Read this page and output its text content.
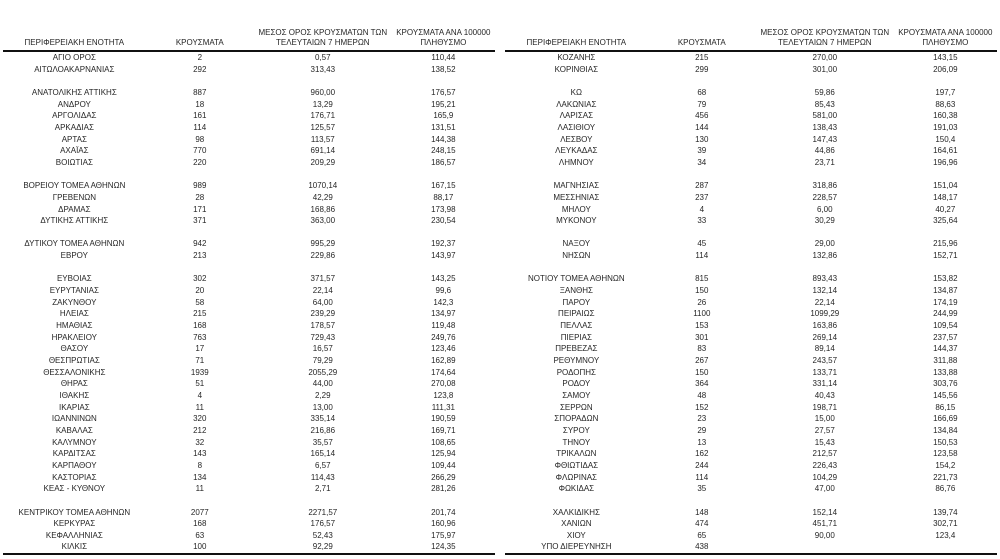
ΠΕΡΙΦΕΡΕΙΑΚΗ ΕΝΟΤΗΤΑ	ΚΡΟΥΣΜΑΤΑ	ΜΕΣΟΣ ΟΡΟΣ ΚΡΟΥΣΜΑΤΩΝ ΤΩΝ ΤΕΛΕΥΤΑΙΩΝ 7 ΗΜΕΡΩΝ	ΚΡΟΥΣΜΑΤΑ ΑΝΑ 100000 ΠΛΗΘΥΣΜΟ
ΑΓΙΟ ΟΡΟΣ	2	0,57	110,44
ΑΙΤΩΛΟΑΚΑΡΝΑΝΙΑΣ	292	313,43	138,52

ΑΝΑΤΟΛΙΚΗΣ ΑΤΤΙΚΗΣ	887	960,00	176,57
ΑΝΔΡΟΥ	18	13,29	195,21
ΑΡΓΟΛΙΔΑΣ	161	176,71	165,9
ΑΡΚΑΔΙΑΣ	114	125,57	131,51
ΑΡΤΑΣ	98	113,57	144,38
ΑΧΑΪΑΣ	770	691,14	248,15
ΒΟΙΩΤΙΑΣ	220	209,29	186,57

ΒΟΡΕΙΟΥ ΤΟΜΕΑ ΑΘΗΝΩΝ	989	1070,14	167,15
ΓΡΕΒΕΝΩΝ	28	42,29	88,17
ΔΡΑΜΑΣ	171	168,86	173,98
ΔΥΤΙΚΗΣ ΑΤΤΙΚΗΣ	371	363,00	230,54

ΔΥΤΙΚΟΥ ΤΟΜΕΑ ΑΘΗΝΩΝ	942	995,29	192,37
ΕΒΡΟΥ	213	229,86	143,97

ΕΥΒΟΙΑΣ	302	371,57	143,25
ΕΥΡΥΤΑΝΙΑΣ	20	22,14	99,6
ΖΑΚΥΝΘΟΥ	58	64,00	142,3
ΗΛΕΙΑΣ	215	239,29	134,97
ΗΜΑΘΙΑΣ	168	178,57	119,48
ΗΡΑΚΛΕΙΟΥ	763	729,43	249,76
ΘΑΣΟΥ	17	16,57	123,46
ΘΕΣΠΡΩΤΙΑΣ	71	79,29	162,89
ΘΕΣΣΑΛΟΝΙΚΗΣ	1939	2055,29	174,64
ΘΗΡΑΣ	51	44,00	270,08
ΙΘΑΚΗΣ	4	2,29	123,8
ΙΚΑΡΙΑΣ	11	13,00	111,31
ΙΩΑΝΝΙΝΩΝ	320	335,14	190,59
ΚΑΒΑΛΑΣ	212	216,86	169,71
ΚΑΛΥΜΝΟΥ	32	35,57	108,65
ΚΑΡΔΙΤΣΑΣ	143	165,14	125,94
ΚΑΡΠΑΘΟΥ	8	6,57	109,44
ΚΑΣΤΟΡΙΑΣ	134	114,43	266,29
ΚΕΑΣ - ΚΥΘΝΟΥ	11	2,71	281,26

ΚΕΝΤΡΙΚΟΥ ΤΟΜΕΑ ΑΘΗΝΩΝ	2077	2271,57	201,74
ΚΕΡΚΥΡΑΣ	168	176,57	160,96
ΚΕΦΑΛΛΗΝΙΑΣ	63	52,43	175,97
ΚΙΛΚΙΣ	100	92,29	124,35
ΠΕΡΙΦΕΡΕΙΑΚΗ ΕΝΟΤΗΤΑ	ΚΡΟΥΣΜΑΤΑ	ΜΕΣΟΣ ΟΡΟΣ ΚΡΟΥΣΜΑΤΩΝ ΤΩΝ ΤΕΛΕΥΤΑΙΩΝ 7 ΗΜΕΡΩΝ	ΚΡΟΥΣΜΑΤΑ ΑΝΑ 100000 ΠΛΗΘΥΣΜΟ
ΚΟΖΑΝΗΣ	215	270,00	143,15
ΚΟΡΙΝΘΙΑΣ	299	301,00	206,09

ΚΩ	68	59,86	197,7
ΛΑΚΩΝΙΑΣ	79	85,43	88,63
ΛΑΡΙΣΑΣ	456	581,00	160,38
ΛΑΣΙΘΙΟΥ	144	138,43	191,03
ΛΕΣΒΟΥ	130	147,43	150,4
ΛΕΥΚΑΔΑΣ	39	44,86	164,61
ΛΗΜΝΟΥ	34	23,71	196,96

ΜΑΓΝΗΣΙΑΣ	287	318,86	151,04
ΜΕΣΣΗΝΙΑΣ	237	228,57	148,17
ΜΗΛΟΥ	4	6,00	40,27
ΜΥΚΟΝΟΥ	33	30,29	325,64

ΝΑΞΟΥ	45	29,00	215,96
ΝΗΣΩΝ	114	132,86	152,71

ΝΟΤΙΟΥ ΤΟΜΕΑ ΑΘΗΝΩΝ	815	893,43	153,82
ΞΑΝΘΗΣ	150	132,14	134,87
ΠΑΡΟΥ	26	22,14	174,19
ΠΕΙΡΑΙΩΣ	1100	1099,29	244,99
ΠΕΛΛΑΣ	153	163,86	109,54
ΠΙΕΡΙΑΣ	301	269,14	237,57
ΠΡΕΒΕΖΑΣ	83	89,14	144,37
ΡΕΘΥΜΝΟΥ	267	243,57	311,88
ΡΟΔΟΠΗΣ	150	133,71	133,88
ΡΟΔΟΥ	364	331,14	303,76
ΣΑΜΟΥ	48	40,43	145,56
ΣΕΡΡΩΝ	152	198,71	86,15
ΣΠΟΡΑΔΩΝ	23	15,00	166,69
ΣΥΡΟΥ	29	27,57	134,84
ΤΗΝΟΥ	13	15,43	150,53
ΤΡΙΚΑΛΩΝ	162	212,57	123,58
ΦΘΙΩΤΙΔΑΣ	244	226,43	154,2
ΦΛΩΡΙΝΑΣ	114	104,29	221,73
ΦΩΚΙΔΑΣ	35	47,00	86,76

ΧΑΛΚΙΔΙΚΗΣ	148	152,14	139,74
ΧΑΝΙΩΝ	474	451,71	302,71
ΧΙΟΥ	65	90,00	123,4
ΥΠΟ ΔΙΕΡΕΥΝΗΣΗ	438		
